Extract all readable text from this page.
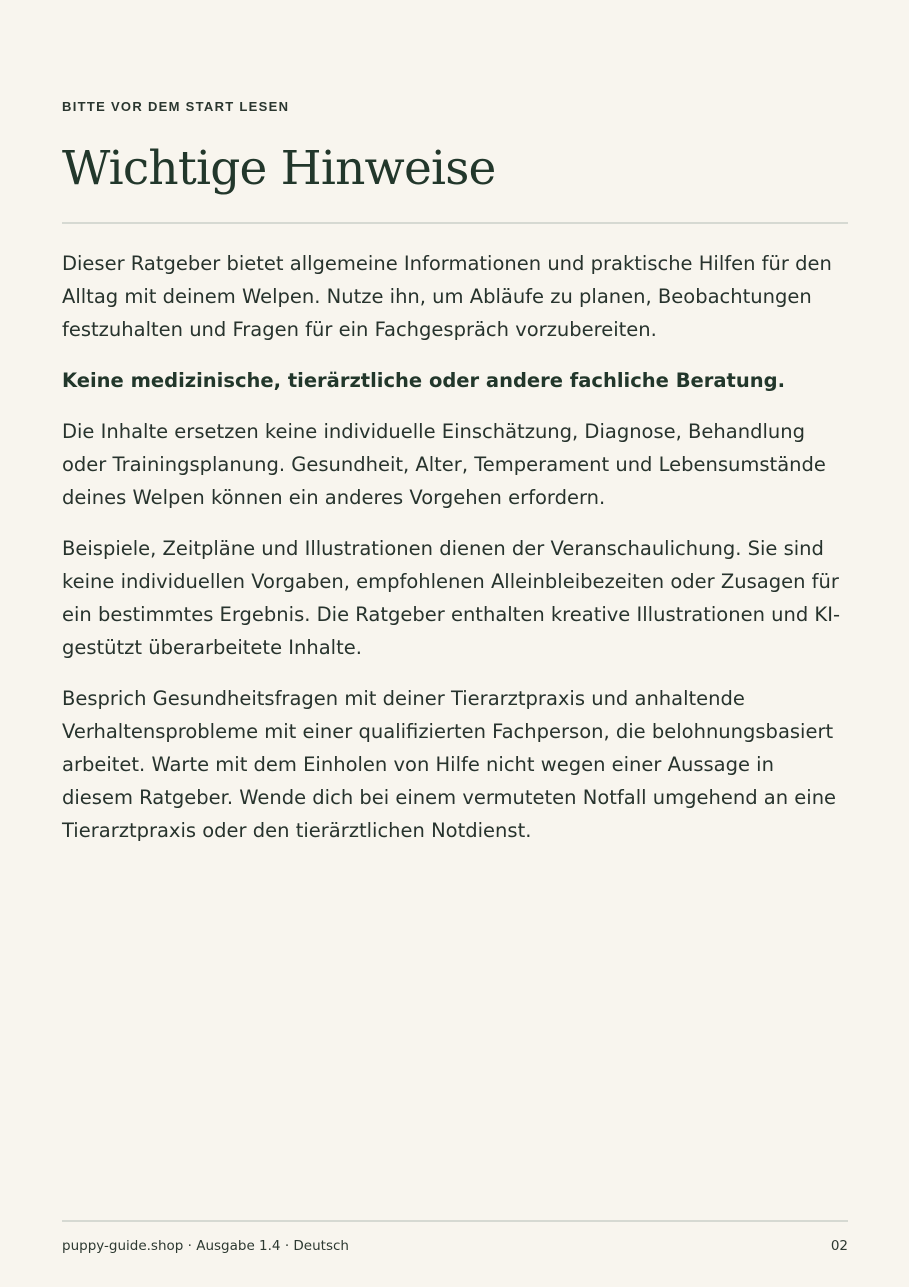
BITTE VOR DEM START LESEN
Wichtige Hinweise

Dieser Ratgeber bietet allgemeine Informationen und praktische Hilfen für den Alltag mit deinem Welpen. Nutze ihn, um Abläufe zu planen, Beobachtungen festzuhalten und Fragen für ein Fachgespräch vorzubereiten.

Keine medizinische, tierärztliche oder andere fachliche Beratung.

Die Inhalte ersetzen keine individuelle Einschätzung, Diagnose, Behandlung oder Trainingsplanung. Gesundheit, Alter, Temperament und Lebensumstände deines Welpen können ein anderes Vorgehen erfordern.

Beispiele, Zeitpläne und Illustrationen dienen der Veranschaulichung. Sie sind keine individuellen Vorgaben, empfohlenen Alleinbleibezeiten oder Zusagen für ein bestimmtes Ergebnis. Die Ratgeber enthalten kreative Illustrationen und KI-gestützt überarbeitete Inhalte.

Besprich Gesundheitsfragen mit deiner Tierarztpraxis und anhaltende Verhaltensprobleme mit einer qualifizierten Fachperson, die belohnungsbasiert arbeitet. Warte mit dem Einholen von Hilfe nicht wegen einer Aussage in diesem Ratgeber. Wende dich bei einem vermuteten Notfall umgehend an eine Tierarztpraxis oder den tierärztlichen Notdienst.

puppy-guide.shop · Ausgabe 1.4 · Deutsch	02
